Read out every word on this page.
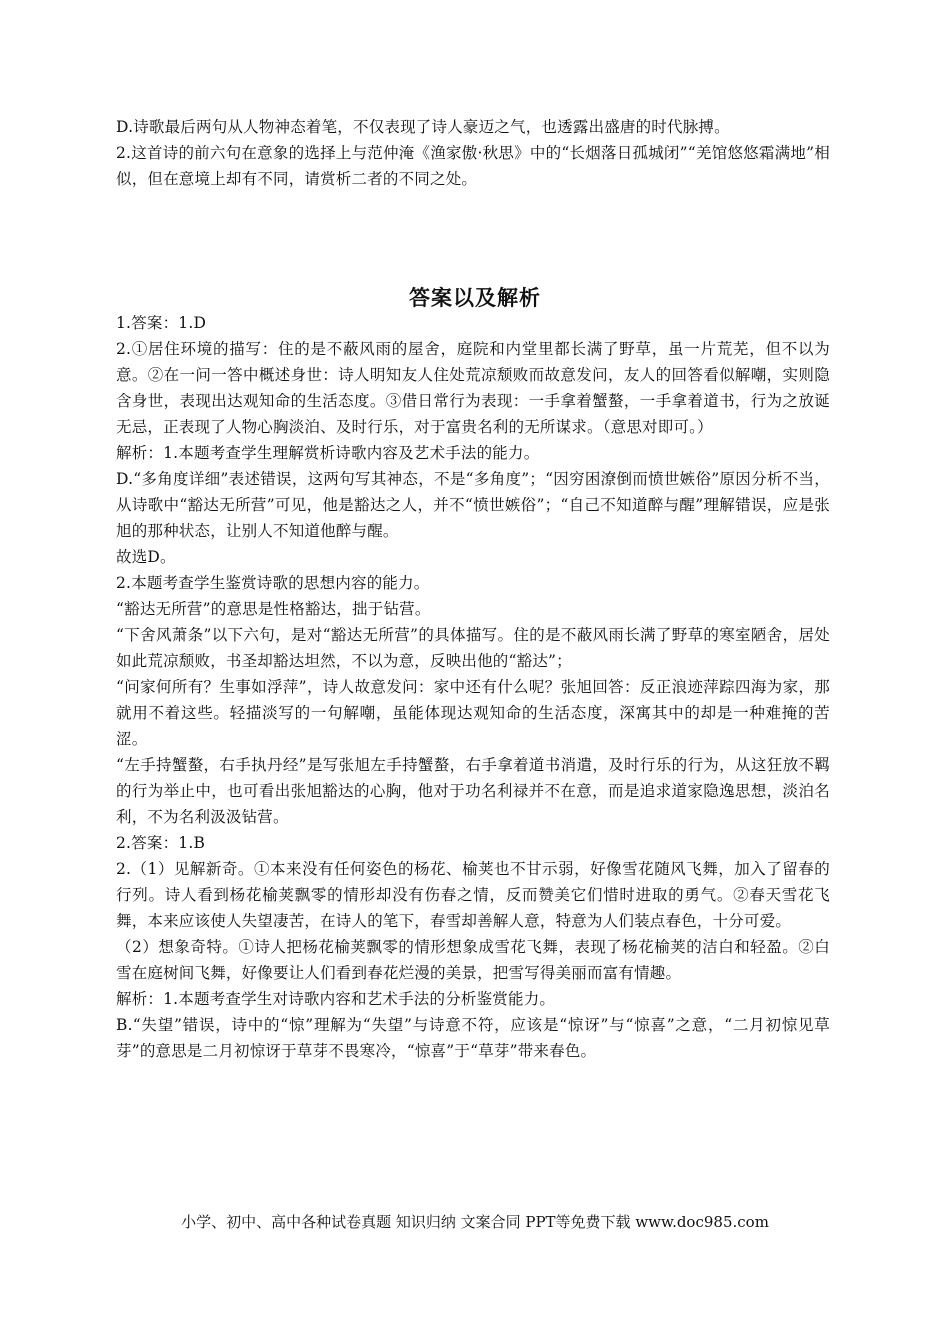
D.诗歌最后两句从人物神态着笔，不仅表现了诗人豪迈之气，也透露出盛唐的时代脉搏。

2.这首诗的前六句在意象的选择上与范仲淹《渔家傲·秋思》中的“长烟落日孤城闭”“羌馆悠悠霜满地”相似，但在意境上却有不同，请赏析二者的不同之处。

答案以及解析

1.答案：1.D

2.①居住环境的描写：住的是不蔽风雨的屋舍，庭院和内堂里都长满了野草，虽一片荒芜，但不以为意。②在一问一答中概述身世：诗人明知友人住处荒凉颓败而故意发问，友人的回答看似解嘲，实则隐含身世，表现出达观知命的生活态度。③借日常行为表现：一手拿着蟹螯，一手拿着道书，行为之放诞无忌，正表现了人物心胸淡泊、及时行乐，对于富贵名利的无所谋求。（意思对即可。）

解析：1.本题考查学生理解赏析诗歌内容及艺术手法的能力。

D.“多角度详细”表述错误，这两句写其神态，不是“多角度”；“因穷困潦倒而愤世嫉俗”原因分析不当，从诗歌中“豁达无所营”可见，他是豁达之人，并不“愤世嫉俗”；“自己不知道醉与醒”理解错误，应是张旭的那种状态，让别人不知道他醉与醒。

故选D。

2.本题考查学生鉴赏诗歌的思想内容的能力。

“豁达无所营”的意思是性格豁达，拙于钻营。

“下舍风萧条”以下六句，是对“豁达无所营”的具体描写。住的是不蔽风雨长满了野草的寒室陋舍，居处如此荒凉颓败，书圣却豁达坦然，不以为意，反映出他的“豁达”；

“问家何所有？生事如浮萍”，诗人故意发问：家中还有什么呢？张旭回答：反正浪迹萍踪四海为家，那就用不着这些。轻描淡写的一句解嘲，虽能体现达观知命的生活态度，深寓其中的却是一种难掩的苦涩。

“左手持蟹螯，右手执丹经”是写张旭左手持蟹螯，右手拿着道书消遣，及时行乐的行为，从这狂放不羁的行为举止中，也可看出张旭豁达的心胸，他对于功名利禄并不在意，而是追求道家隐逸思想，淡泊名利，不为名利汲汲钻营。

2.答案：1.B

2.（1）见解新奇。①本来没有任何姿色的杨花、榆荚也不甘示弱，好像雪花随风飞舞，加入了留春的行列。诗人看到杨花榆荚飘零的情形却没有伤春之情，反而赞美它们惜时进取的勇气。②春天雪花飞舞，本来应该使人失望凄苦，在诗人的笔下，春雪却善解人意，特意为人们装点春色，十分可爱。

（2）想象奇特。①诗人把杨花榆荚飘零的情形想象成雪花飞舞，表现了杨花榆荚的洁白和轻盈。②白雪在庭树间飞舞，好像要让人们看到春花烂漫的美景，把雪写得美丽而富有情趣。

解析：1.本题考查学生对诗歌内容和艺术手法的分析鉴赏能力。

B.“失望”错误，诗中的“惊”理解为“失望”与诗意不符，应该是“惊讶”与“惊喜”之意，“二月初惊见草芽”的意思是二月初惊讶于草芽不畏寒冷，“惊喜”于“草芽”带来春色。

小学、初中、高中各种试卷真题 知识归纳 文案合同 PPT等免费下载 www.doc985.com
